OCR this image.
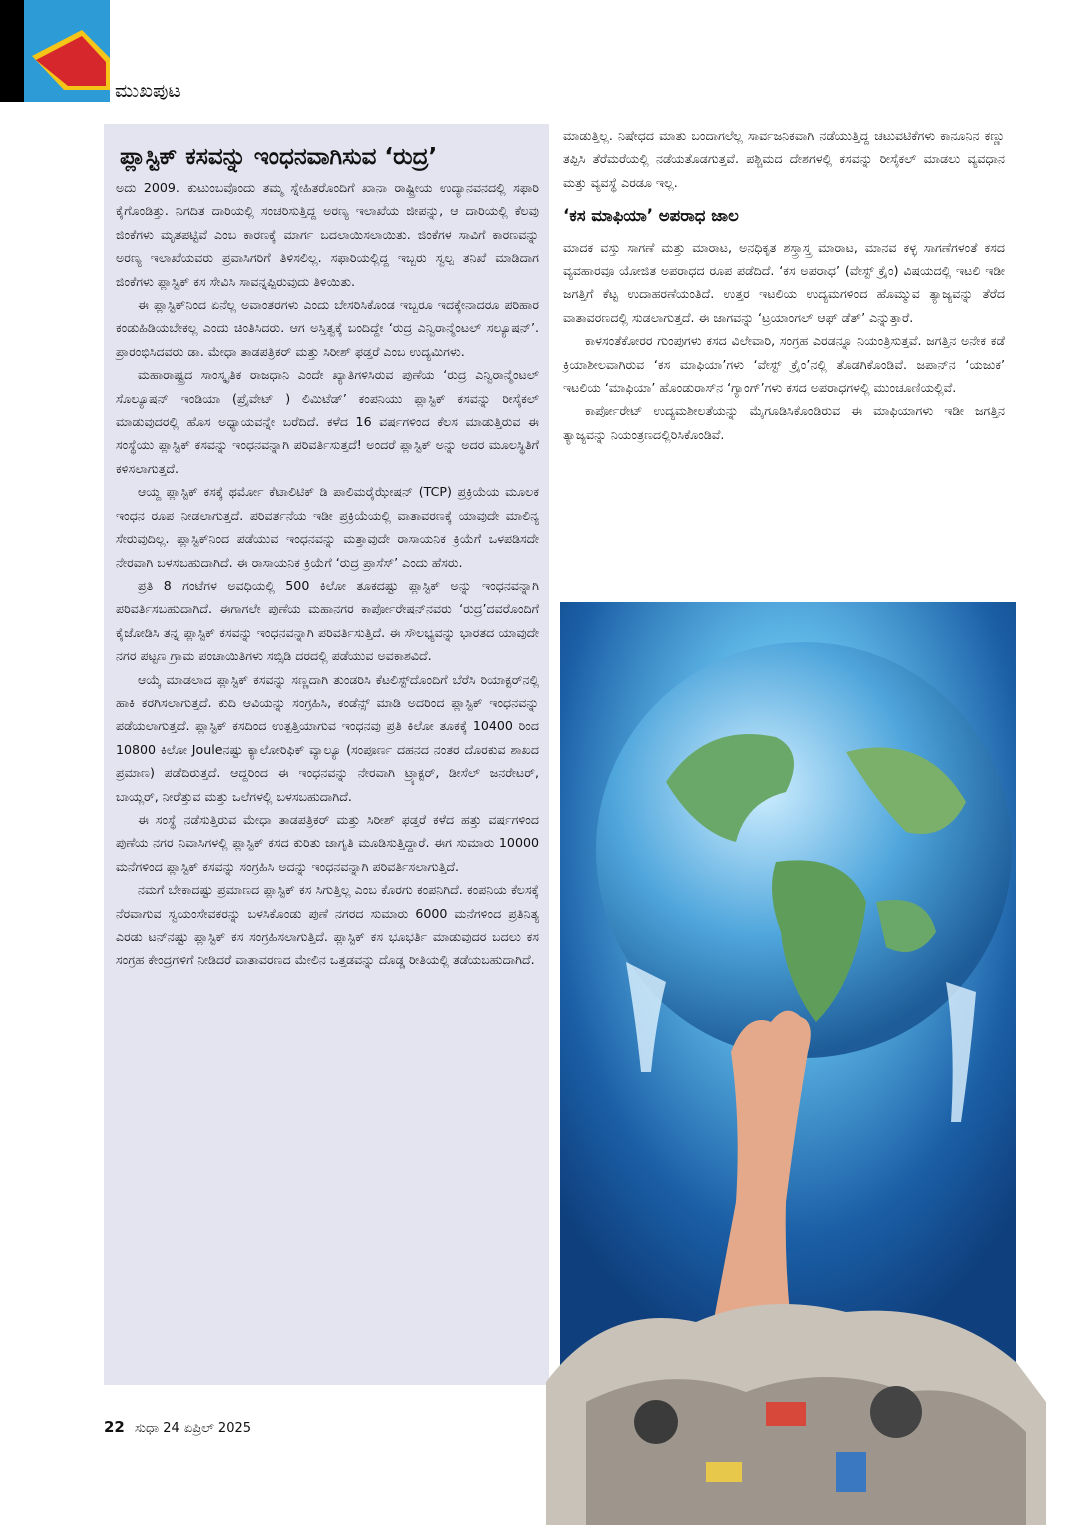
ಮುಖಪುಟ
ಪ್ಲಾಸ್ಟಿಕ್ ಕಸವನ್ನು ಇಂಧನವಾಗಿಸುವ ‘ರುದ್ರ’

ಅದು 2009. ಕುಟುಂಬವೊಂದು ತಮ್ಮ ಸ್ನೇಹಿತರೊಂದಿಗೆ ಖಾನಾ ರಾಷ್ಟ್ರೀಯ ಉದ್ಯಾನವನದಲ್ಲಿ ಸಫಾರಿ ಕೈಗೊಂಡಿತ್ತು. ನಿಗದಿತ ದಾರಿಯಲ್ಲಿ ಸಂಚರಿಸುತ್ತಿದ್ದ ಅರಣ್ಯ ಇಲಾಖೆಯ ಜೀಪನ್ನು, ಆ ದಾರಿಯಲ್ಲಿ ಕೆಲವು ಜಿಂಕೆಗಳು ಮೃತಪಟ್ಟಿವೆ ಎಂಬ ಕಾರಣಕ್ಕೆ ಮಾರ್ಗ ಬದಲಾಯಿಸಲಾಯಿತು. ಜಿಂಕೆಗಳ ಸಾವಿಗೆ ಕಾರಣವನ್ನು ಅರಣ್ಯ ಇಲಾಖೆಯವರು ಪ್ರವಾಸಿಗರಿಗೆ ತಿಳಿಸಲಿಲ್ಲ. ಸಫಾರಿಯಲ್ಲಿದ್ದ ಇಬ್ಬರು ಸ್ವಲ್ಪ ತನಿಖೆ ಮಾಡಿದಾಗ ಜಿಂಕೆಗಳು ಪ್ಲಾಸ್ಟಿಕ್ ಕಸ ಸೇವಿಸಿ ಸಾವನ್ನಪ್ಪಿರುವುದು ತಿಳಿಯಿತು.

ಈ ಪ್ಲಾಸ್ಟಿಕ್‌ನಿಂದ ಏನೆಲ್ಲ ಅವಾಂತರಗಳು ಎಂದು ಬೇಸರಿಸಿಕೊಂಡ ಇಬ್ಬರೂ ಇದಕ್ಕೇನಾದರೂ ಪರಿಹಾರ ಕಂಡುಹಿಡಿಯಬೇಕಲ್ಲ ಎಂದು ಚಿಂತಿಸಿದರು. ಆಗ ಅಸ್ತಿತ್ವಕ್ಕೆ ಬಂದಿದ್ದೇ ‘ರುದ್ರ ಎನ್ವಿರಾನ್ಮೆಂಟಲ್ ಸಲ್ಯೂಷನ್’. ಪ್ರಾರಂಭಿಸಿದವರು ಡಾ. ಮೇಧಾ ತಾಡಪತ್ರಿಕರ್ ಮತ್ತು ಸಿರೀಶ್ ಫಡ್ತರೆ ಎಂಬ ಉದ್ಯಮಿಗಳು.

ಮಹಾರಾಷ್ಟ್ರದ ಸಾಂಸ್ಕೃತಿಕ ರಾಜಧಾನಿ ಎಂದೇ ಖ್ಯಾತಿಗಳಿಸಿರುವ ಪುಣೆಯ ‘ರುದ್ರ ಎನ್ವಿರಾನ್ಮೆಂಟಲ್ ಸೊಲ್ಯೂಷನ್ ಇಂಡಿಯಾ (ಪ್ರೈವೇಟ್ ) ಲಿಮಿಟೆಡ್’ ಕಂಪನಿಯು ಪ್ಲಾಸ್ಟಿಕ್ ಕಸವನ್ನು ರೀಸೈಕಲ್ ಮಾಡುವುದರಲ್ಲಿ ಹೊಸ ಅಧ್ಯಾಯವನ್ನೇ ಬರೆದಿದೆ. ಕಳೆದ 16 ವರ್ಷಗಳಿಂದ ಕೆಲಸ ಮಾಡುತ್ತಿರುವ ಈ ಸಂಸ್ಥೆಯು ಪ್ಲಾಸ್ಟಿಕ್ ಕಸವನ್ನು ಇಂಧನವನ್ನಾಗಿ ಪರಿವರ್ತಿಸುತ್ತದೆ! ಅಂದರೆ ಪ್ಲಾಸ್ಟಿಕ್ ಅನ್ನು ಅದರ ಮೂಲಸ್ಥಿತಿಗೆ ಕಳಿಸಲಾಗುತ್ತದೆ.

ಆಯ್ದ ಪ್ಲಾಸ್ಟಿಕ್ ಕಸಕ್ಕೆ ಥರ್ಮೋ ಕೆಟಾಲಿಟಿಕ್ ಡಿ ಪಾಲಿಮರೈಝೇಷನ್ (TCP) ಪ್ರಕ್ರಿಯೆಯ ಮೂಲಕ ಇಂಧನ ರೂಪ ನೀಡಲಾಗುತ್ತದೆ. ಪರಿವರ್ತನೆಯ ಇಡೀ ಪ್ರಕ್ರಿಯೆಯಲ್ಲಿ ವಾತಾವರಣಕ್ಕೆ ಯಾವುದೇ ಮಾಲಿನ್ಯ ಸೇರುವುದಿಲ್ಲ. ಪ್ಲಾಸ್ಟಿಕ್‌ನಿಂದ ಪಡೆಯುವ ಇಂಧನವನ್ನು ಮತ್ತಾವುದೇ ರಾಸಾಯನಿಕ ಕ್ರಿಯೆಗೆ ಒಳಪಡಿಸದೇ ನೇರವಾಗಿ ಬಳಸಬಹುದಾಗಿದೆ. ಈ ರಾಸಾಯನಿಕ ಕ್ರಿಯೆಗೆ ‘ರುದ್ರ ಪ್ರಾಸೆಸ್’ ಎಂದು ಹೆಸರು.

ಪ್ರತಿ 8 ಗಂಟೆಗಳ ಅವಧಿಯಲ್ಲಿ 500 ಕಿಲೋ ತೂಕದಷ್ಟು ಪ್ಲಾಸ್ಟಿಕ್ ಅನ್ನು ಇಂಧನವನ್ನಾಗಿ ಪರಿವರ್ತಿಸಬಹುದಾಗಿದೆ. ಈಗಾಗಲೇ ಪುಣೆಯ ಮಹಾನಗರ ಕಾರ್ಪೋರೇಷನ್‌ನವರು ‘ರುದ್ರ’ದವರೊಂದಿಗೆ ಕೈಜೋಡಿಸಿ ತನ್ನ ಪ್ಲಾಸ್ಟಿಕ್ ಕಸವನ್ನು ಇಂಧನವನ್ನಾಗಿ ಪರಿವರ್ತಿಸುತ್ತಿದೆ. ಈ ಸೌಲಭ್ಯವನ್ನು ಭಾರತದ ಯಾವುದೇ ನಗರ ಪಟ್ಟಣ ಗ್ರಾಮ ಪಂಚಾಯಿತಿಗಳು ಸಬ್ಸಿಡಿ ದರದಲ್ಲಿ ಪಡೆಯುವ ಅವಕಾಶವಿದೆ.

ಆಯ್ಕೆ ಮಾಡಲಾದ ಪ್ಲಾಸ್ಟಿಕ್ ಕಸವನ್ನು ಸಣ್ಣದಾಗಿ ತುಂಡರಿಸಿ ಕೆಟಲಿಸ್ಟ್‌ದೊಂದಿಗೆ ಬೆರೆಸಿ ರಿಯಾಕ್ಟರ್‌ನಲ್ಲಿ ಹಾಕಿ ಕರಗಿಸಲಾಗುತ್ತದೆ. ಕುದಿ ಆವಿಯನ್ನು ಸಂಗ್ರಹಿಸಿ, ಕಂಡೆನ್ಸ್ ಮಾಡಿ ಅದರಿಂದ ಪ್ಲಾಸ್ಟಿಕ್ ಇಂಧನವನ್ನು ಪಡೆಯಲಾಗುತ್ತದೆ. ಪ್ಲಾಸ್ಟಿಕ್ ಕಸದಿಂದ ಉತ್ಪತ್ತಿಯಾಗುವ ಇಂಧನವು ಪ್ರತಿ ಕಿಲೋ ತೂಕಕ್ಕೆ 10400 ರಿಂದ 10800 ಕಿಲೋ Jouleನಷ್ಟು ಕ್ಯಾಲೋರಿಫಿಕ್ ವ್ಯಾಲ್ಯೂ (ಸಂಪೂರ್ಣ ದಹನದ ನಂತರ ದೊರಕುವ ಶಾಖದ ಪ್ರಮಾಣ) ಪಡೆದಿರುತ್ತದೆ. ಆದ್ದರಿಂದ ಈ ಇಂಧನವನ್ನು ನೇರವಾಗಿ ಟ್ರ್ಯಾಕ್ಟರ್, ಡೀಸೆಲ್ ಜನರೇಟರ್, ಬಾಯ್ಲರ್, ನೀರೆತ್ತುವ ಮತ್ತು ಒಲೆಗಳಲ್ಲಿ ಬಳಸಬಹುದಾಗಿದೆ.

ಈ ಸಂಸ್ಥೆ ನಡೆಸುತ್ತಿರುವ ಮೇಧಾ ತಾಡಪತ್ರಿಕರ್ ಮತ್ತು ಸಿರೀಶ್ ಫಡ್ತರೆ ಕಳೆದ ಹತ್ತು ವರ್ಷಗಳಿಂದ ಪುಣೆಯ ನಗರ ನಿವಾಸಿಗಳಲ್ಲಿ ಪ್ಲಾಸ್ಟಿಕ್ ಕಸದ ಕುರಿತು ಜಾಗೃತಿ ಮೂಡಿಸುತ್ತಿದ್ದಾರೆ. ಈಗ ಸುಮಾರು 10000 ಮನೆಗಳಿಂದ ಪ್ಲಾಸ್ಟಿಕ್ ಕಸವನ್ನು ಸಂಗ್ರಹಿಸಿ ಅದನ್ನು ಇಂಧನವನ್ನಾಗಿ ಪರಿವರ್ತಿಸಲಾಗುತ್ತಿದೆ.

ನಮಗೆ ಬೇಕಾದಷ್ಟು ಪ್ರಮಾಣದ ಪ್ಲಾಸ್ಟಿಕ್ ಕಸ ಸಿಗುತ್ತಿಲ್ಲ ಎಂಬ ಕೊರಗು ಕಂಪನಿಗಿದೆ. ಕಂಪನಿಯ ಕೆಲಸಕ್ಕೆ ನೆರವಾಗುವ ಸ್ವಯಂಸೇವಕರನ್ನು ಬಳಸಿಕೊಂಡು ಪುಣೆ ನಗರದ ಸುಮಾರು 6000 ಮನೆಗಳಿಂದ ಪ್ರತಿನಿತ್ಯ ಎರಡು ಟನ್‌ನಷ್ಟು ಪ್ಲಾಸ್ಟಿಕ್ ಕಸ ಸಂಗ್ರಹಿಸಲಾಗುತ್ತಿದೆ. ಪ್ಲಾಸ್ಟಿಕ್ ಕಸ ಭೂಭರ್ತಿ ಮಾಡುವುದರ ಬದಲು ಕಸ ಸಂಗ್ರಹ ಕೇಂದ್ರಗಳಿಗೆ ನೀಡಿದರೆ ವಾತಾವರಣದ ಮೇಲಿನ ಒತ್ತಡವನ್ನು ದೊಡ್ಡ ರೀತಿಯಲ್ಲಿ ತಡೆಯಬಹುದಾಗಿದೆ.

ಮಾಡುತ್ತಿಲ್ಲ. ನಿಷೇಧದ ಮಾತು ಬಂದಾಗಲೆಲ್ಲ ಸಾರ್ವಜನಿಕವಾಗಿ ನಡೆಯುತ್ತಿದ್ದ ಚಟುವಟಿಕೆಗಳು ಕಾನೂನಿನ ಕಣ್ಣು ತಪ್ಪಿಸಿ ತೆರೆಮರೆಯಲ್ಲಿ ನಡೆಯತೊಡಗುತ್ತವೆ. ಪಶ್ಚಿಮದ ದೇಶಗಳಲ್ಲಿ ಕಸವನ್ನು ರೀಸೈಕಲ್ ಮಾಡಲು ವ್ಯವಧಾನ ಮತ್ತು ವ್ಯವಸ್ಥೆ ಎರಡೂ ಇಲ್ಲ.

‘ಕಸ ಮಾಫಿಯಾ’ ಅಪರಾಧ ಜಾಲ

ಮಾದಕ ವಸ್ತು ಸಾಗಣೆ ಮತ್ತು ಮಾರಾಟ, ಅನಧಿಕೃತ ಶಸ್ತ್ರಾಸ್ತ್ರ ಮಾರಾಟ, ಮಾನವ ಕಳ್ಳ ಸಾಗಣೆಗಳಂತೆ ಕಸದ ವ್ಯವಹಾರವೂ ಯೋಜಿತ ಅಪರಾಧದ ರೂಪ ಪಡೆದಿದೆ. ‘ಕಸ ಅಪರಾಧ’ (ವೇಸ್ಟ್ ಕ್ರೈಂ) ವಿಷಯದಲ್ಲಿ ಇಟಲಿ ಇಡೀ ಜಗತ್ತಿಗೆ ಕೆಟ್ಟ ಉದಾಹರಣೆಯಂತಿದೆ. ಉತ್ತರ ಇಟಲಿಯ ಉದ್ಯಮಗಳಿಂದ ಹೊಮ್ಮುವ ತ್ಯಾಜ್ಯವನ್ನು ತೆರೆದ ವಾತಾವರಣದಲ್ಲಿ ಸುಡಲಾಗುತ್ತದೆ. ಈ ಜಾಗವನ್ನು ‘ಟ್ರಯಾಂಗಲ್ ಆಫ್ ಡೆತ್’ ಎನ್ನುತ್ತಾರೆ.

ಕಾಳಸಂತೆಕೋರರ ಗುಂಪುಗಳು ಕಸದ ವಿಲೇವಾರಿ, ಸಂಗ್ರಹ ಎರಡನ್ನೂ ನಿಯಂತ್ರಿಸುತ್ತವೆ. ಜಗತ್ತಿನ ಅನೇಕ ಕಡೆ ಕ್ರಿಯಾಶೀಲವಾಗಿರುವ ‘ಕಸ ಮಾಫಿಯಾ’ಗಳು ‘ವೇಸ್ಟ್ ಕ್ರೈಂ’ನಲ್ಲಿ ತೊಡಗಿಕೊಂಡಿವೆ. ಜಪಾನ್‌ನ ‘ಯಜುಕ’ ಇಟಲಿಯ ‘ಮಾಫಿಯಾ’ ಹೊಂಡುರಾಸ್‌ನ ‘ಗ್ಯಾಂಗ್’ಗಳು ಕಸದ ಅಪರಾಧಗಳಲ್ಲಿ ಮುಂಚೂಣಿಯಲ್ಲಿವೆ.

ಕಾರ್ಪೋರೇಟ್ ಉದ್ಯಮಶೀಲತೆಯನ್ನು ಮೈಗೂಡಿಸಿಕೊಂಡಿರುವ ಈ ಮಾಫಿಯಾಗಳು ಇಡೀ ಜಗತ್ತಿನ ತ್ಯಾಜ್ಯವನ್ನು ನಿಯಂತ್ರಣದಲ್ಲಿರಿಸಿಕೊಂಡಿವೆ.

22 ಸುಧಾ 24 ಏಪ್ರಿಲ್ 2025
